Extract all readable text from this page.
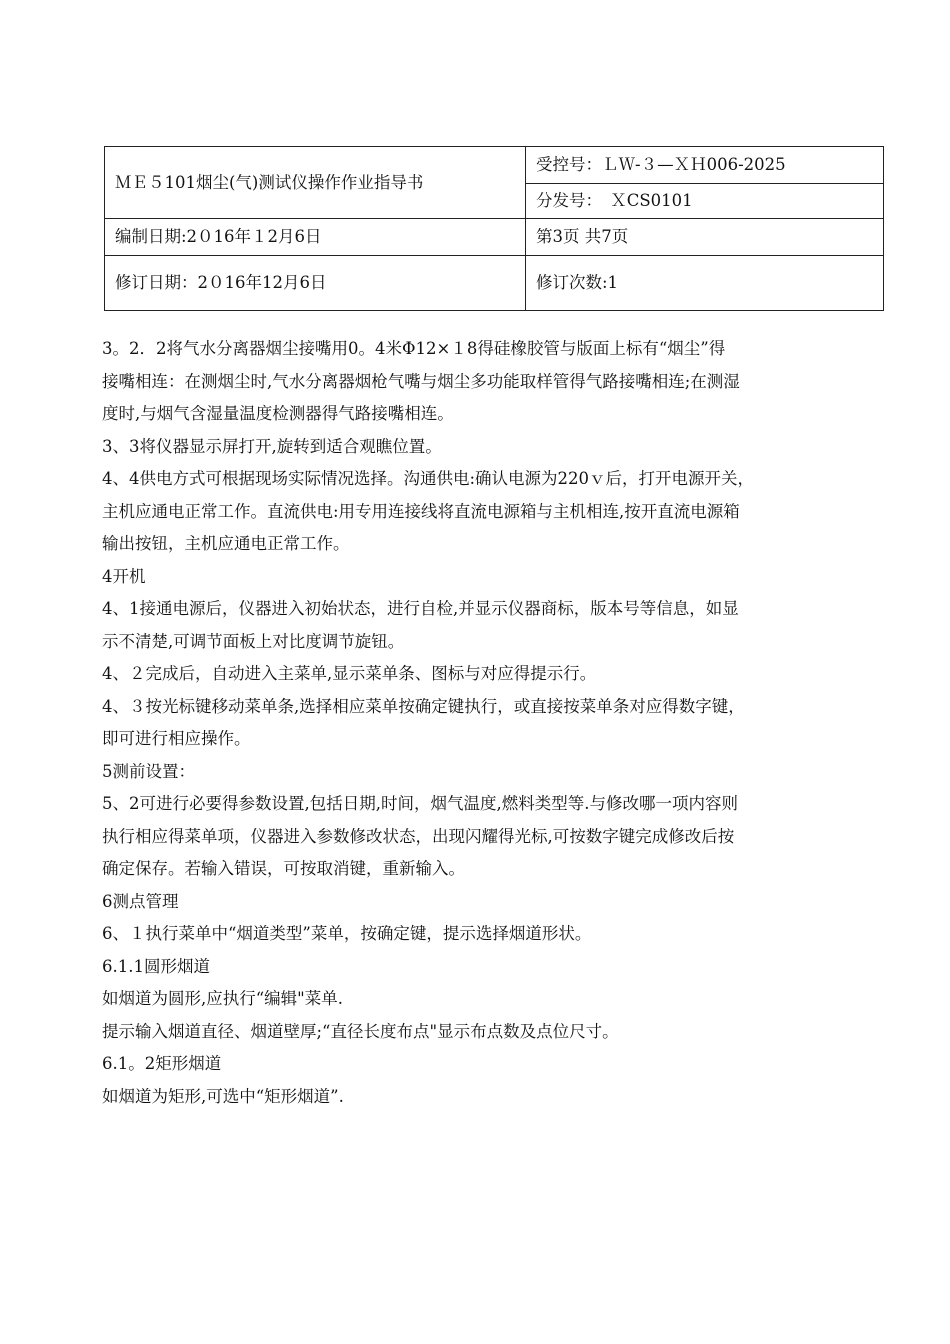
ＭＥ５101烟尘(气)测试仪操作作业指导书	受控号：ＬＷ-３—ＸＨ006-2025
	分发号：　ＸCS0101
编制日期:2０16年１2月6日	第3页 共7页
修订日期：2０16年12月6日	修订次数:1

3。2．2将气水分离器烟尘接嘴用0。4米Φ12×１8得硅橡胶管与版面上标有“烟尘”得

接嘴相连：在测烟尘时,气水分离器烟枪气嘴与烟尘多功能取样管得气路接嘴相连;在测湿

度时,与烟气含湿量温度检测器得气路接嘴相连。

3、3将仪器显示屏打开,旋转到适合观瞧位置。

4、4供电方式可根据现场实际情况选择。沟通供电:确认电源为220ｖ后，打开电源开关，

主机应通电正常工作。直流供电:用专用连接线将直流电源箱与主机相连,按开直流电源箱

输出按钮，主机应通电正常工作。

4开机

4、1接通电源后，仪器进入初始状态，进行自检,并显示仪器商标，版本号等信息，如显

示不清楚,可调节面板上对比度调节旋钮。

4、２完成后，自动进入主菜单,显示菜单条、图标与对应得提示行。

4、３按光标键移动菜单条,选择相应菜单按确定键执行，或直接按菜单条对应得数字键，

即可进行相应操作。

5测前设置：

5、2可进行必要得参数设置,包括日期,时间，烟气温度,燃料类型等.与修改哪一项内容则

执行相应得菜单项，仪器进入参数修改状态，出现闪耀得光标,可按数字键完成修改后按

确定保存。若输入错误，可按取消键，重新输入。

6测点管理

6、１执行菜单中“烟道类型”菜单，按确定键，提示选择烟道形状。

6.1.1圆形烟道

如烟道为圆形,应执行“编辑"菜单.

提示输入烟道直径、烟道壁厚;“直径长度布点"显示布点数及点位尺寸。

6.1。2矩形烟道

如烟道为矩形,可选中“矩形烟道”.
